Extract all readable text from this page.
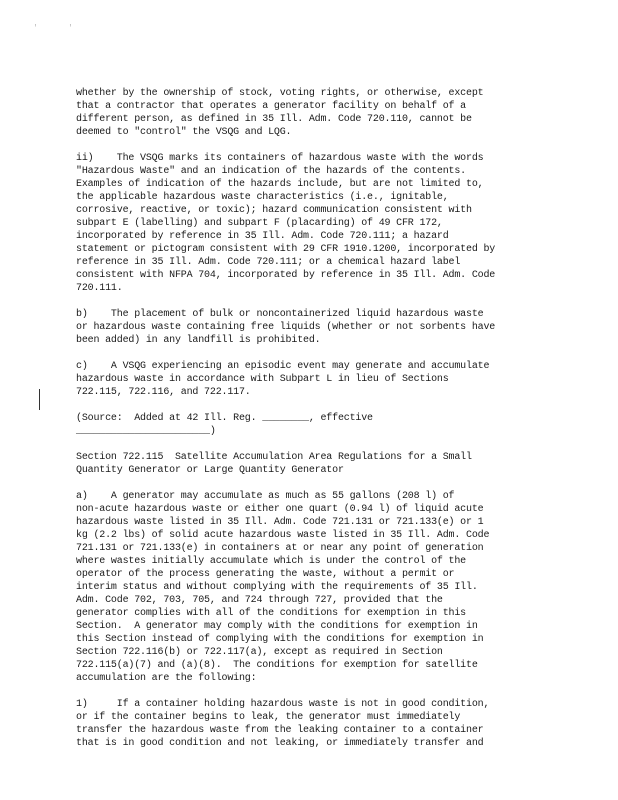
'	'
whether by the ownership of stock, voting rights, or otherwise, except
that a contractor that operates a generator facility on behalf of a
different person, as defined in 35 Ill. Adm. Code 720.110, cannot be
deemed to "control" the VSQG and LQG.
ii)    The VSQG marks its containers of hazardous waste with the words
"Hazardous Waste" and an indication of the hazards of the contents.
Examples of indication of the hazards include, but are not limited to,
the applicable hazardous waste characteristics (i.e., ignitable,
corrosive, reactive, or toxic); hazard communication consistent with
subpart E (labelling) and subpart F (placarding) of 49 CFR 172,
incorporated by reference in 35 Ill. Adm. Code 720.111; a hazard
statement or pictogram consistent with 29 CFR 1910.1200, incorporated by
reference in 35 Ill. Adm. Code 720.111; or a chemical hazard label
consistent with NFPA 704, incorporated by reference in 35 Ill. Adm. Code
720.111.
b)    The placement of bulk or noncontainerized liquid hazardous waste
or hazardous waste containing free liquids (whether or not sorbents have
been added) in any landfill is prohibited.
c)    A VSQG experiencing an episodic event may generate and accumulate
hazardous waste in accordance with Subpart L in lieu of Sections
722.115, 722.116, and 722.117.
(Source:  Added at 42 Ill. Reg. ________, effective
_______________________)
Section 722.115  Satellite Accumulation Area Regulations for a Small
Quantity Generator or Large Quantity Generator
a)    A generator may accumulate as much as 55 gallons (208 l) of
non-acute hazardous waste or either one quart (0.94 l) of liquid acute
hazardous waste listed in 35 Ill. Adm. Code 721.131 or 721.133(e) or 1
kg (2.2 lbs) of solid acute hazardous waste listed in 35 Ill. Adm. Code
721.131 or 721.133(e) in containers at or near any point of generation
where wastes initially accumulate which is under the control of the
operator of the process generating the waste, without a permit or
interim status and without complying with the requirements of 35 Ill.
Adm. Code 702, 703, 705, and 724 through 727, provided that the
generator complies with all of the conditions for exemption in this
Section.  A generator may comply with the conditions for exemption in
this Section instead of complying with the conditions for exemption in
Section 722.116(b) or 722.117(a), except as required in Section
722.115(a)(7) and (a)(8).  The conditions for exemption for satellite
accumulation are the following:
1)     If a container holding hazardous waste is not in good condition,
or if the container begins to leak, the generator must immediately
transfer the hazardous waste from the leaking container to a container
that is in good condition and not leaking, or immediately transfer and
